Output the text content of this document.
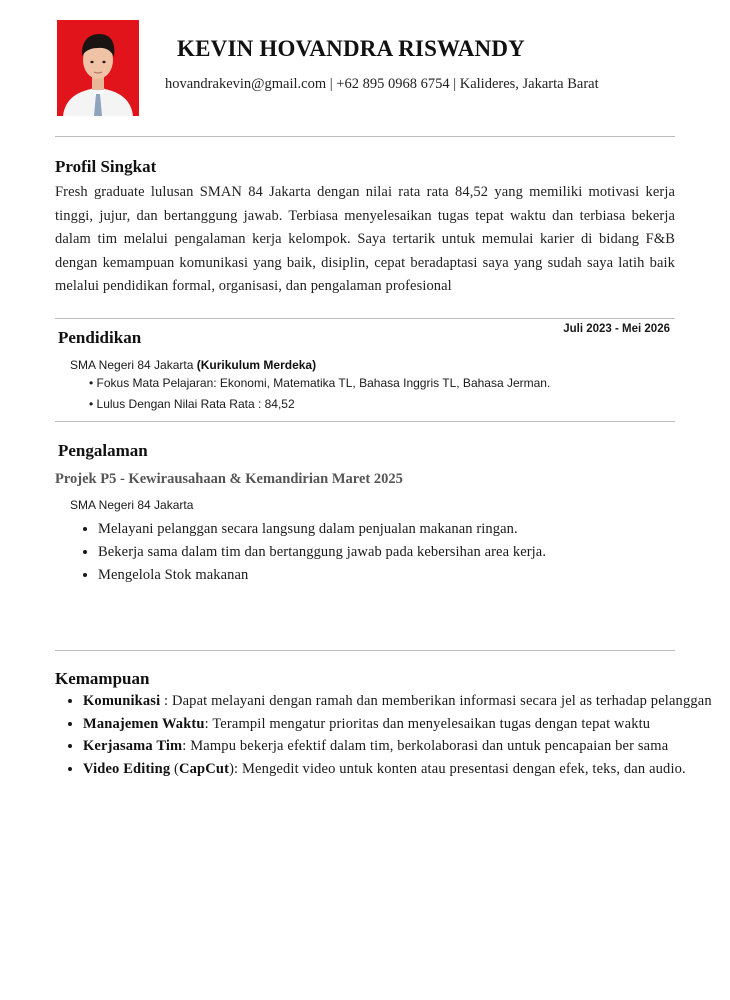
KEVIN HOVANDRA RISWANDY
hovandrakevin@gmail.com | +62 895 0968 6754 | Kalideres, Jakarta Barat
Profil Singkat
Fresh graduate lulusan SMAN 84 Jakarta dengan nilai rata rata 84,52 yang memiliki motivasi kerja tinggi, jujur, dan bertanggung jawab. Terbiasa menyelesaikan tugas tepat waktu dan terbiasa bekerja dalam tim melalui pengalaman kerja kelompok. Saya tertarik untuk memulai karier di bidang F&B dengan kemampuan komunikasi yang baik, disiplin, cepat beradaptasi saya yang sudah saya latih baik melalui pendidikan formal, organisasi, dan pengalaman profesional
Pendidikan	Juli 2023 - Mei 2026
SMA Negeri 84 Jakarta (Kurikulum Merdeka)
• Fokus Mata Pelajaran: Ekonomi, Matematika TL, Bahasa Inggris TL, Bahasa Jerman.
• Lulus Dengan Nilai Rata Rata : 84,52
Pengalaman
Projek P5 - Kewirausahaan & Kemandirian Maret 2025
SMA Negeri 84 Jakarta
• Melayani pelanggan secara langsung dalam penjualan makanan ringan.
• Bekerja sama dalam tim dan bertanggung jawab pada kebersihan area kerja.
• Mengelola Stok makanan
Kemampuan
• Komunikasi : Dapat melayani dengan ramah dan memberikan informasi secara jel as terhadap pelanggan
• Manajemen Waktu: Terampil mengatur prioritas dan menyelesaikan tugas dengan tepat waktu
• Kerjasama Tim: Mampu bekerja efektif dalam tim, berkolaborasi dan untuk pencapaian ber sama
• Video Editing (CapCut): Mengedit video untuk konten atau presentasi dengan efek, teks, dan audio.
